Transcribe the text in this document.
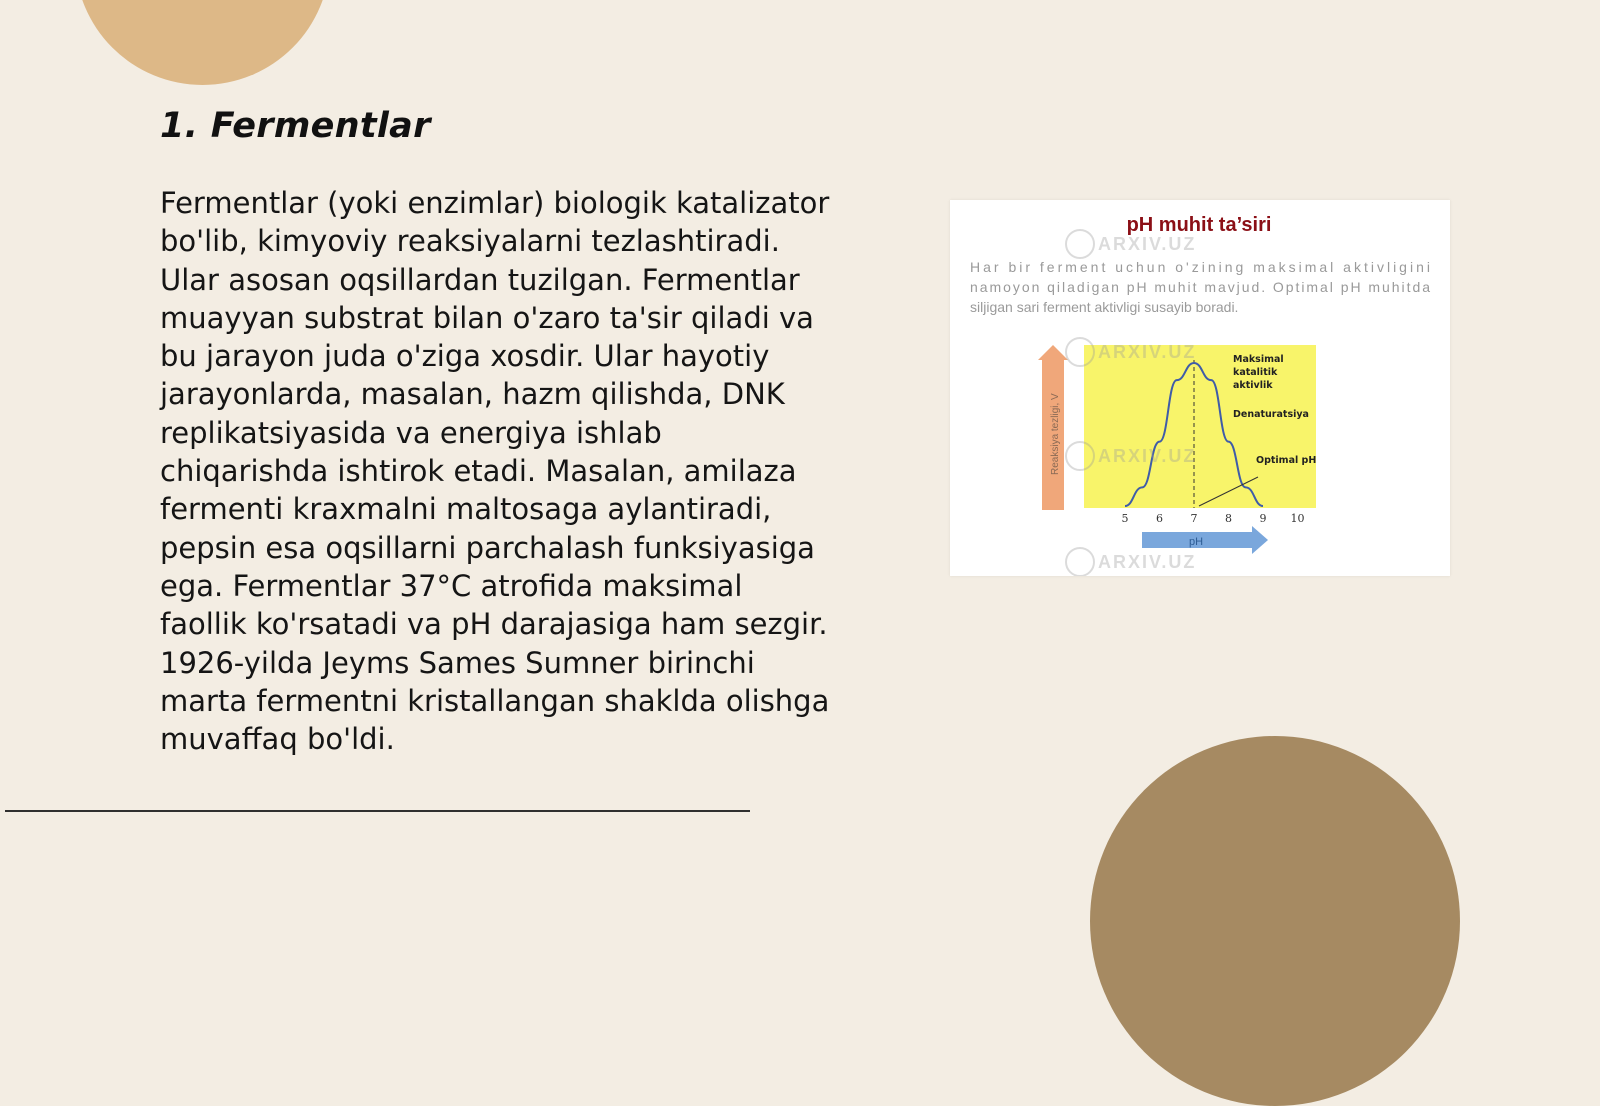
1. Fermentlar

Fermentlar (yoki enzimlar) biologik katalizator bo'lib, kimyoviy reaksiyalarni tezlashtiradi. Ular asosan oqsillardan tuzilgan. Fermentlar muayyan substrat bilan o'zaro ta'sir qiladi va bu jarayon juda o'ziga xosdir. Ular hayotiy jarayonlarda, masalan, hazm qilishda, DNK replikatsiyasida va energiya ishlab chiqarishda ishtirok etadi. Masalan, amilaza fermenti kraxmalni maltosaga aylantiradi, pepsin esa oqsillarni parchalash funksiyasiga ega. Fermentlar 37°C atrofida maksimal faollik ko'rsatadi va pH darajasiga ham sezgir. 1926-yilda Jeyms Sames Sumner birinchi marta fermentni kristallangan shaklda olishga muvaffaq bo'ldi.

pH muhit ta’siri
Har bir ferment uchun o'zining maksimal aktivligini
namoyon qiladigan pH muhit mavjud. Optimal pH muhitda
siljigan sari ferment aktivligi susayib boradi.
Reaksiya tezligi, V
Maksimal
katalitik
aktivlik
Denaturatsiya
Optimal pH
5	6	7	8	9 10
pH
ARXIV.UZ
ARXIV.UZ
ARXIV.UZ
ARXIV.UZ
